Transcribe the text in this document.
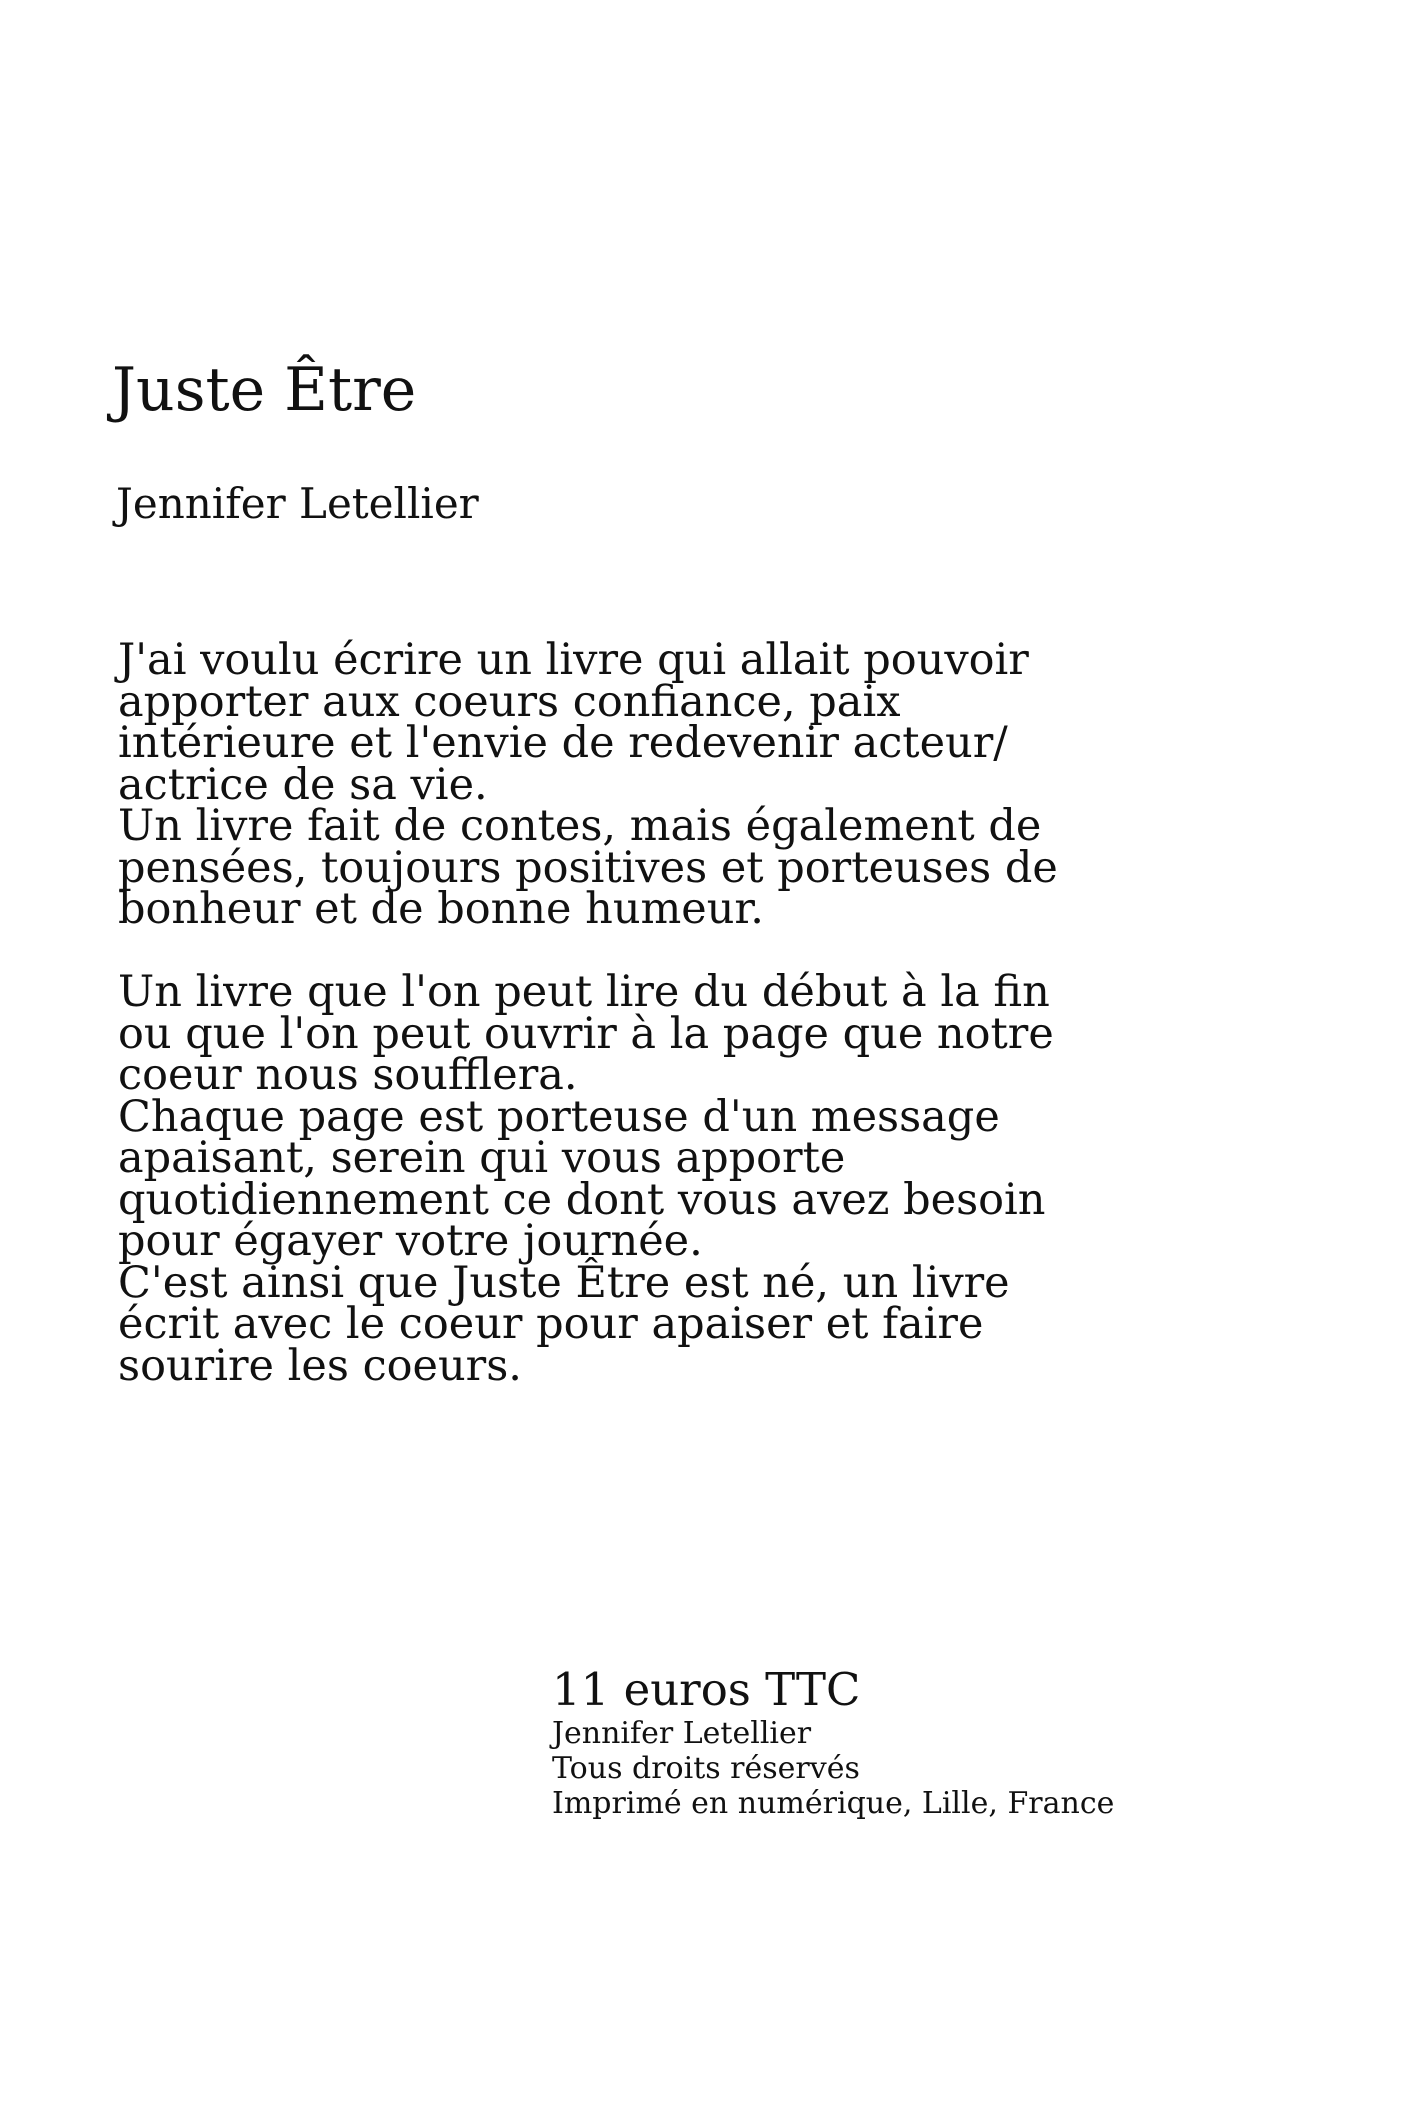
Juste Être

Jennifer Letellier

J'ai voulu écrire un livre qui allait pouvoir
apporter aux coeurs confiance, paix
intérieure et l'envie de redevenir acteur/
actrice de sa vie.
Un livre fait de contes, mais également de
pensées, toujours positives et porteuses de
bonheur et de bonne humeur.
Un livre que l'on peut lire du début à la fin
ou que l'on peut ouvrir à la page que notre
coeur nous soufflera.
Chaque page est porteuse d'un message
apaisant, serein qui vous apporte
quotidiennement ce dont vous avez besoin
pour égayer votre journée.
C'est ainsi que Juste Être est né, un livre
écrit avec le coeur pour apaiser et faire
sourire les coeurs.
11 euros TTC
Jennifer Letellier
Tous droits réservés
Imprimé en numérique, Lille, France
